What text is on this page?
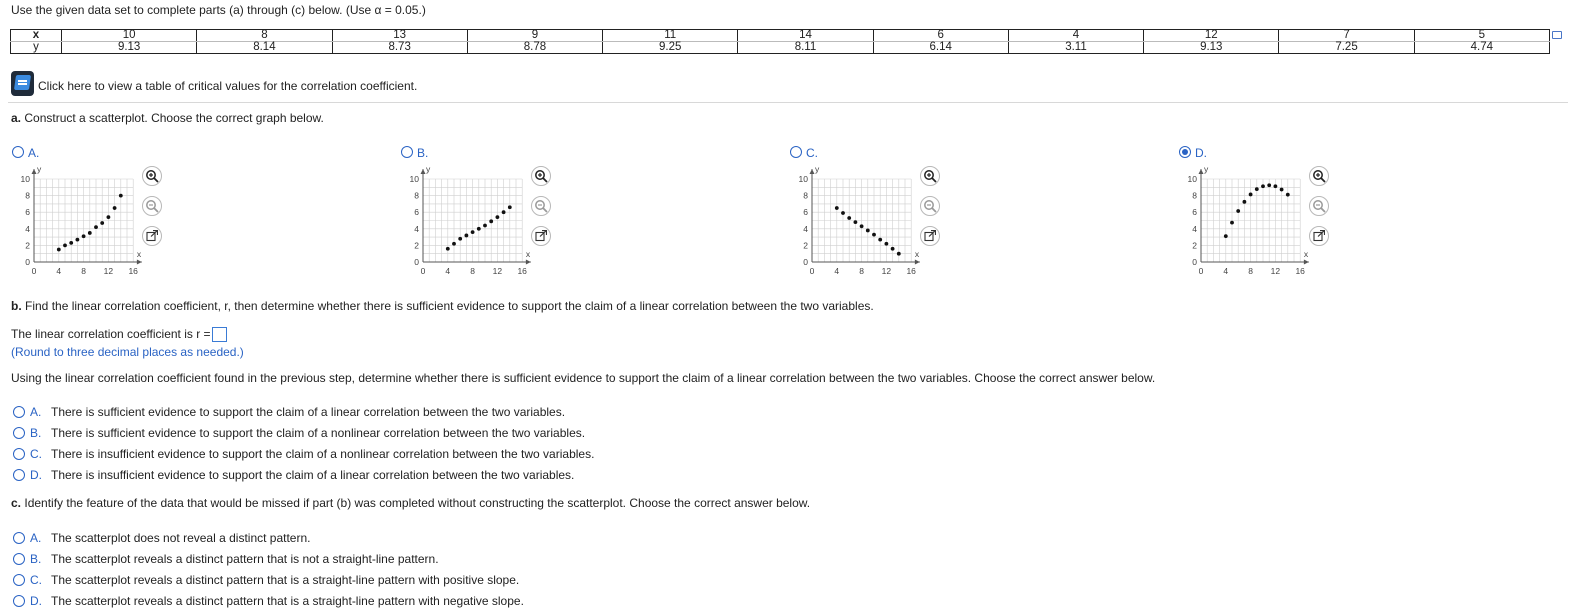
Use the given data set to complete parts (a) through (c) below. (Use α = 0.05.)
x	10	8	13	9	11	14	6	4	12	7	5
y	9.13	8.14	8.73	8.78	9.25	8.11	6.14	3.11	9.13	7.25	4.74
Click here to view a table of critical values for the correlation coefficient.
a. Construct a scatterplot. Choose the correct graph below.
A.
10
8
6
4
2
0
0 4 8 12 16
y
x
B.
10
8
6
4
2
0
0 4 8 12 16
y
x
C.
10
8
6
4
2
0
0 4 8 12 16
y
x
D.
10
8
6
4
2
0
0 4 8 12 16
y
x
b. Find the linear correlation coefficient, r, then determine whether there is sufficient evidence to support the claim of a linear correlation between the two variables.
The linear correlation coefficient is r =
(Round to three decimal places as needed.)
Using the linear correlation coefficient found in the previous step, determine whether there is sufficient evidence to support the claim of a linear correlation between the two variables. Choose the correct answer below.
A. There is sufficient evidence to support the claim of a linear correlation between the two variables.
B. There is sufficient evidence to support the claim of a nonlinear correlation between the two variables.
C. There is insufficient evidence to support the claim of a nonlinear correlation between the two variables.
D. There is insufficient evidence to support the claim of a linear correlation between the two variables.
c. Identify the feature of the data that would be missed if part (b) was completed without constructing the scatterplot. Choose the correct answer below.
A. The scatterplot does not reveal a distinct pattern.
B. The scatterplot reveals a distinct pattern that is not a straight-line pattern.
C. The scatterplot reveals a distinct pattern that is a straight-line pattern with positive slope.
D. The scatterplot reveals a distinct pattern that is a straight-line pattern with negative slope.
